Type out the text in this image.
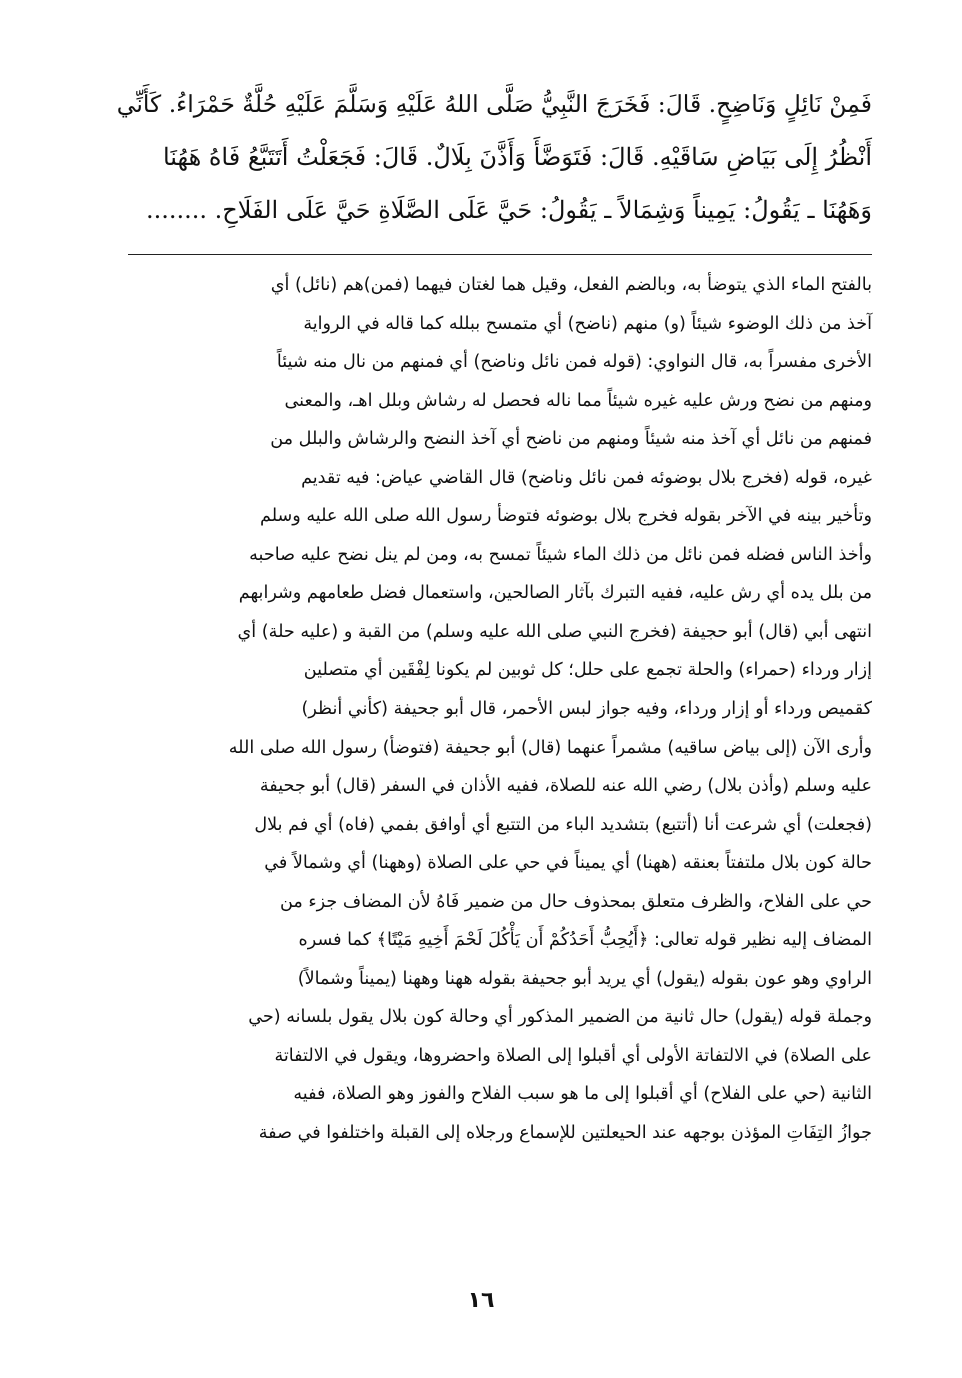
فَمِنْ نَائِلٍ وَنَاضِحٍ. قَالَ: فَخَرَجَ النَّبِيُّ صَلَّى اللهُ عَلَيْهِ وَسَلَّمَ عَلَيْهِ حُلَّةٌ حَمْرَاءُ. كَأَنِّي
أَنْظُرُ إِلَى بَيَاضِ سَاقَيْهِ. قَالَ: فَتَوَضَّأَ وَأَذَّنَ بِلَالٌ. قَالَ: فَجَعَلْتُ أَتَتَبَّعُ فَاهُ هَهُنَا
وَهَهُنَا ـ يَقُولُ: يَمِيناً وَشِمَالاً ـ يَقُولُ: حَيَّ عَلَى الصَّلَاةِ حَيَّ عَلَى الفَلَاحِ. ........
بالفتح الماء الذي يتوضأ به، وبالضم الفعل، وقيل هما لغتان فيهما (فمن)هم (نائل) أي
آخذ من ذلك الوضوء شيئاً (و) منهم (ناضح) أي متمسح ببلله كما قاله في الرواية
الأخرى مفسراً به، قال النواوي: (قوله فمن نائل وناضح) أي فمنهم من نال منه شيئاً
ومنهم من نضح ورش عليه غيره شيئاً مما ناله فحصل له رشاش وبلل اهـ، والمعنى
فمنهم من نائل أي آخذ منه شيئاً ومنهم من ناضح أي آخذ النضح والرشاش والبلل من
غيره، قوله (فخرج بلال بوضوئه فمن نائل وناضح) قال القاضي عياض: فيه تقديم
وتأخير بينه في الآخر بقوله فخرج بلال بوضوئه فتوضأ رسول الله صلى الله عليه وسلم
وأخذ الناس فضله فمن نائل من ذلك الماء شيئاً تمسح به، ومن لم ينل نضح عليه صاحبه
من بلل يده أي رش عليه، ففيه التبرك بآثار الصالحين، واستعمال فضل طعامهم وشرابهم
انتهى أبي (قال) أبو حجيفة (فخرج النبي صلى الله عليه وسلم) من القبة و (عليه حلة) أي
إزار ورداء (حمراء) والحلة تجمع على حلل؛ كل ثوبين لم يكونا لِفْقَين أي متصلين
كقميص ورداء أو إزار ورداء، وفيه جواز لبس الأحمر، قال أبو جحيفة (كأني أنظر)
وأرى الآن (إلى بياض ساقيه) مشمراً عنهما (قال) أبو جحيفة (فتوضأ) رسول الله صلى الله
عليه وسلم (وأذن بلال) رضي الله عنه للصلاة، ففيه الأذان في السفر (قال) أبو جحيفة
(فجعلت) أي شرعت أنا (أتتبع) بتشديد الباء من التتبع أي أوافق بفمي (فاه) أي فم بلال
حالة كون بلال ملتفتاً بعنقه (ههنا) أي يميناً في حي على الصلاة (وههنا) أي وشمالاً في
حي على الفلاح، والظرف متعلق بمحذوف حال من ضمير فَاهُ لأن المضاف جزء من
المضاف إليه نظير قوله تعالى: ﴿أَيُحِبُّ أَحَدُكُمْ أَن يَأْكُلَ لَحْمَ أَخِيهِ مَيْتًا﴾ كما فسره
الراوي وهو عون بقوله (يقول) أي يريد أبو جحيفة بقوله ههنا وههنا (يميناً وشمالاً)
وجملة قوله (يقول) حال ثانية من الضمير المذكور أي وحالة كون بلال يقول بلسانه (حي
على الصلاة) في الالتفاتة الأولى أي أقبلوا إلى الصلاة واحضروها، ويقول في الالتفاتة
الثانية (حي على الفلاح) أي أقبلوا إلى ما هو سبب الفلاح والفوز وهو الصلاة، ففيه
جوازُ التِفَاتِ المؤذن بوجهه عند الحيعلتين للإسماع ورجلاه إلى القبلة واختلفوا في صفة
١٦
